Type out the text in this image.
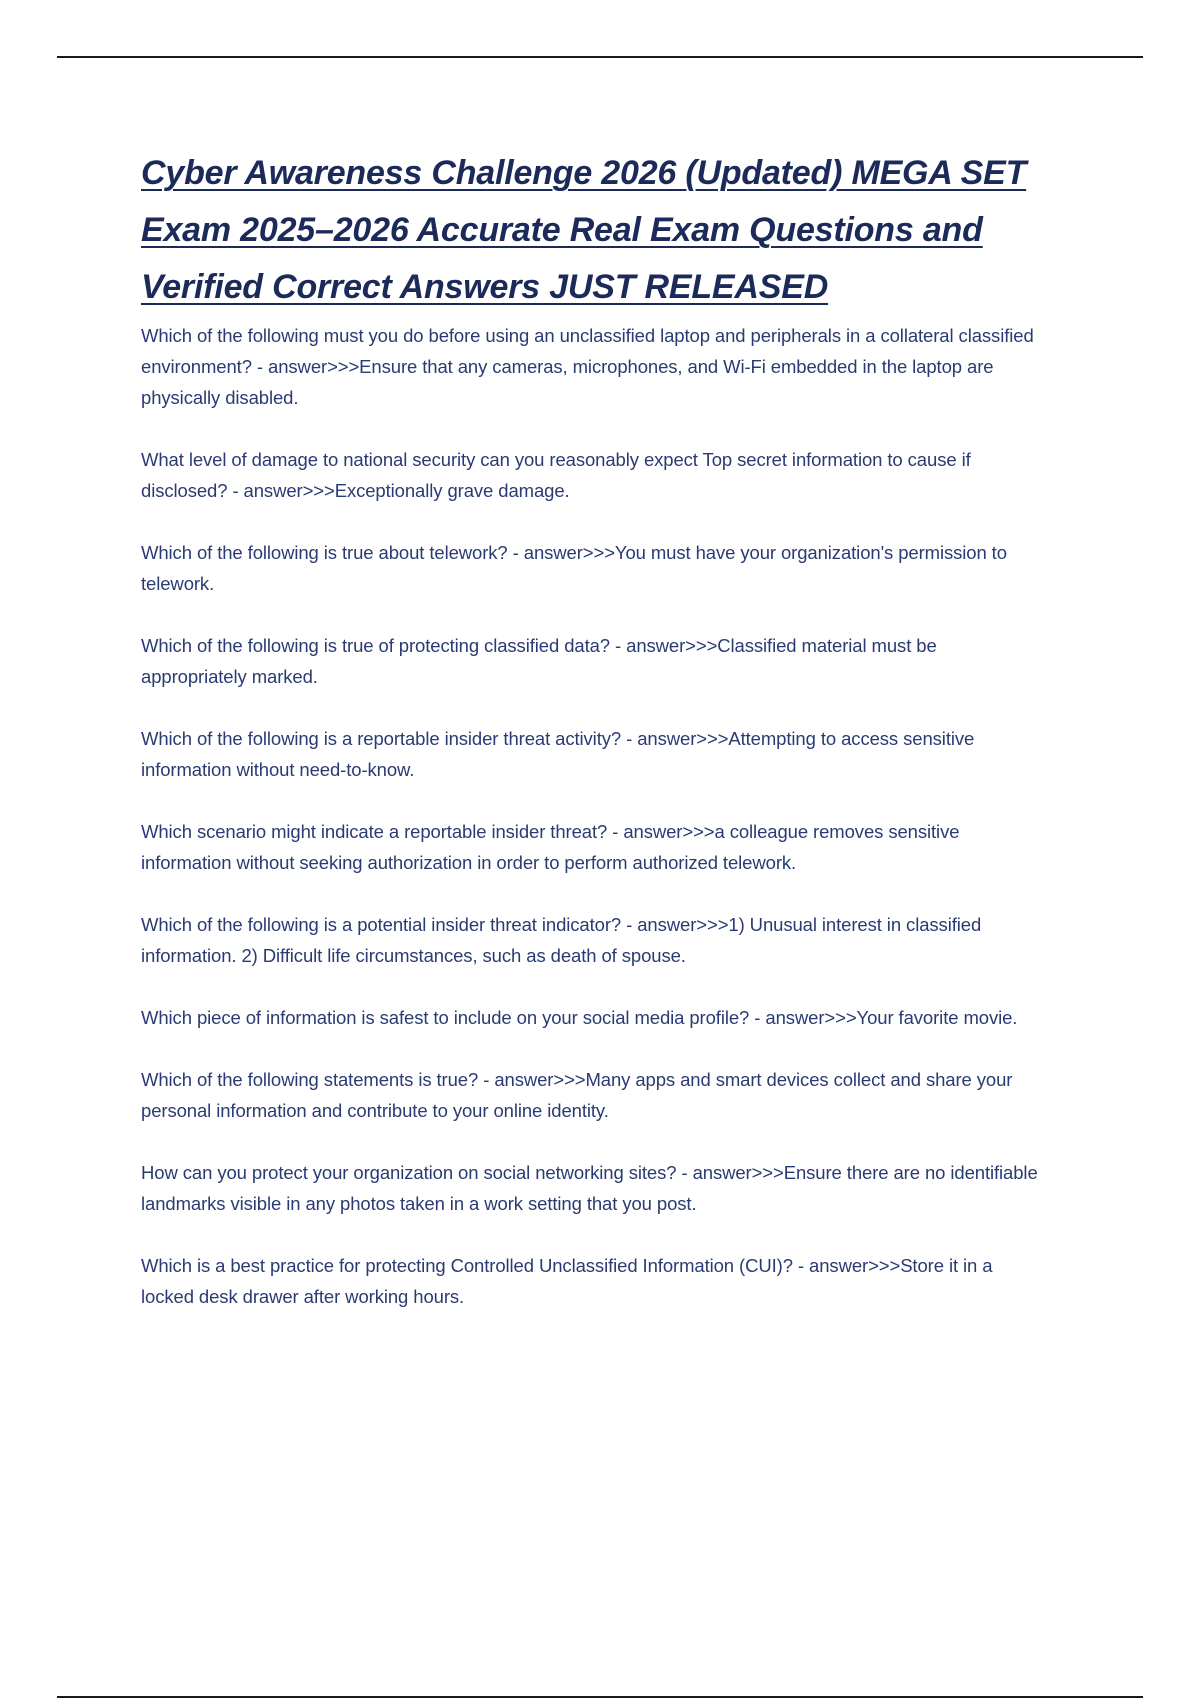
Cyber Awareness Challenge 2026 (Updated) MEGA SET Exam 2025–2026 Accurate Real Exam Questions and Verified Correct Answers JUST RELEASED
Which of the following must you do before using an unclassified laptop and peripherals in a collateral classified environment? - answer>>>Ensure that any cameras, microphones, and Wi-Fi embedded in the laptop are physically disabled.
What level of damage to national security can you reasonably expect Top secret information to cause if disclosed? - answer>>>Exceptionally grave damage.
Which of the following is true about telework? - answer>>>You must have your organization's permission to telework.
Which of the following is true of protecting classified data? - answer>>>Classified material must be appropriately marked.
Which of the following is a reportable insider threat activity? - answer>>>Attempting to access sensitive information without need-to-know.
Which scenario might indicate a reportable insider threat? - answer>>>a colleague removes sensitive information without seeking authorization in order to perform authorized telework.
Which of the following is a potential insider threat indicator? - answer>>>1) Unusual interest in classified information. 2) Difficult life circumstances, such as death of spouse.
Which piece of information is safest to include on your social media profile? - answer>>>Your favorite movie.
Which of the following statements is true? - answer>>>Many apps and smart devices collect and share your personal information and contribute to your online identity.
How can you protect your organization on social networking sites? - answer>>>Ensure there are no identifiable landmarks visible in any photos taken in a work setting that you post.
Which is a best practice for protecting Controlled Unclassified Information (CUI)? - answer>>>Store it in a locked desk drawer after working hours.
